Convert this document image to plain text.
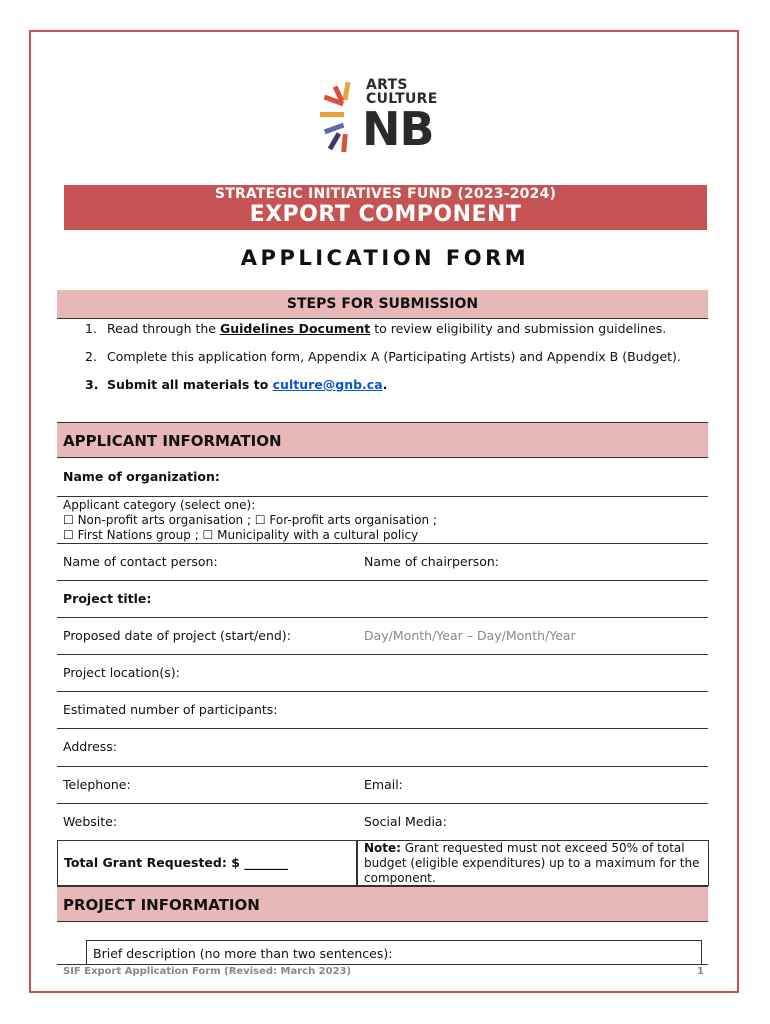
ARTS
CULTURE
NB
STRATEGIC INITIATIVES FUND (2023-2024)
EXPORT COMPONENT
APPLICATION FORM
STEPS FOR SUBMISSION
1. Read through the Guidelines Document to review eligibility and submission guidelines.
2. Complete this application form, Appendix A (Participating Artists) and Appendix B (Budget).
3. Submit all materials to culture@gnb.ca.
APPLICANT INFORMATION
Name of organization:
Applicant category (select one):
☐ Non-profit arts organisation ; ☐ For-profit arts organisation ;
☐ First Nations group ; ☐ Municipality with a cultural policy
Name of contact person:	Name of chairperson:
Project title:
Proposed date of project (start/end):	Day/Month/Year – Day/Month/Year
Project location(s):
Estimated number of participants:
Address:
Telephone:	Email:
Website:	Social Media:
Total Grant Requested: $ _______
Note: Grant requested must not exceed 50% of total budget (eligible expenditures) up to a maximum for the component.
PROJECT INFORMATION
Brief description (no more than two sentences):
SIF Export Application Form (Revised: March 2023)	1
